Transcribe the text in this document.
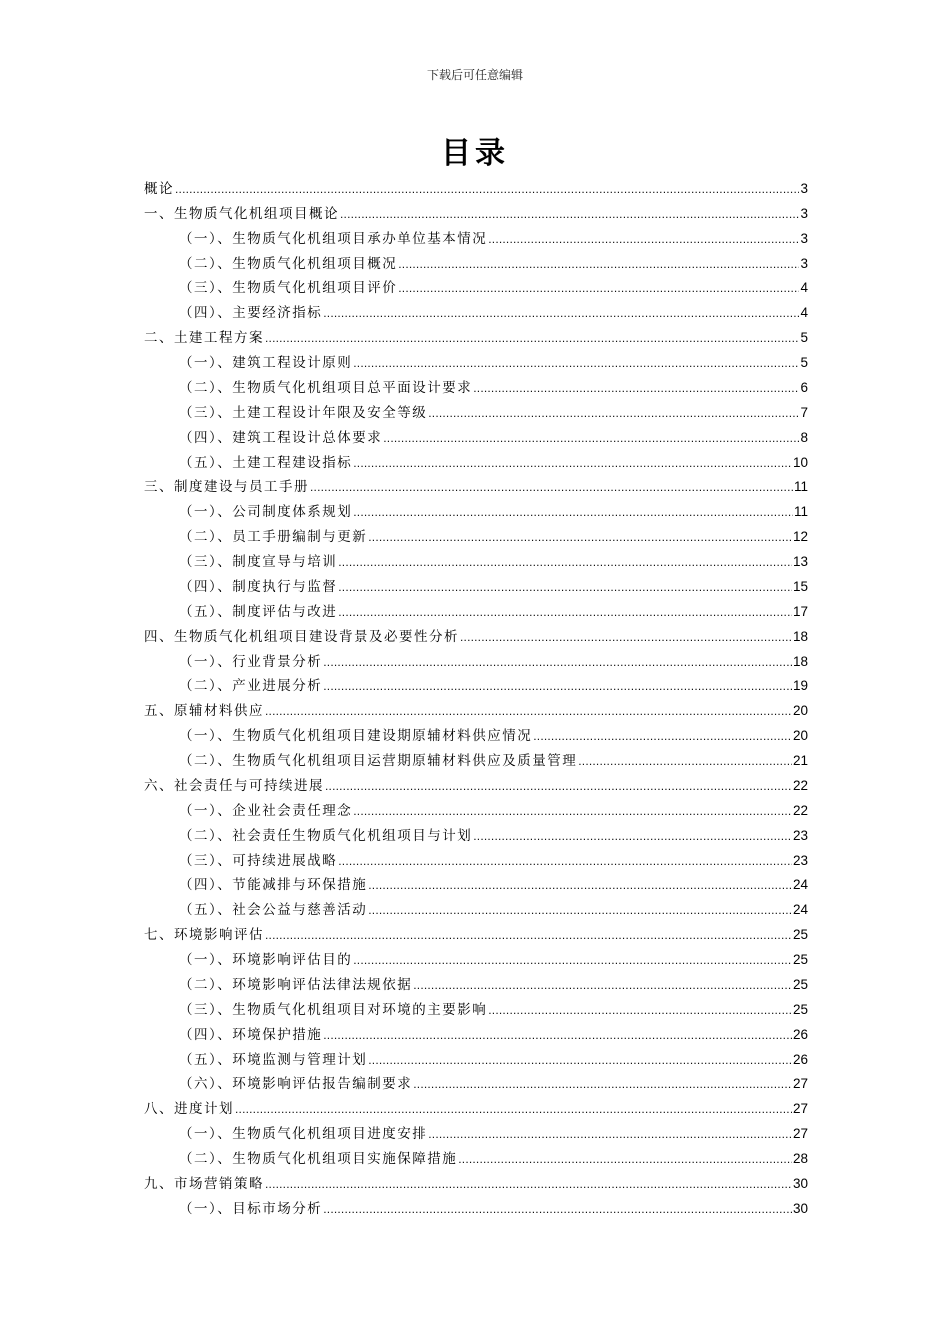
下载后可任意编辑
目录
概论 .....	3
一、生物质气化机组项目概论 .....	3
（一）、生物质气化机组项目承办单位基本情况 .....	3
（二）、生物质气化机组项目概况 .....	3
（三）、生物质气化机组项目评价 .....	4
（四）、主要经济指标 .....	4
二、土建工程方案 .....	5
（一）、建筑工程设计原则 .....	5
（二）、生物质气化机组项目总平面设计要求 .....	6
（三）、土建工程设计年限及安全等级 .....	7
（四）、建筑工程设计总体要求 .....	8
（五）、土建工程建设指标 .....	10
三、制度建设与员工手册 .....	11
（一）、公司制度体系规划 .....	11
（二）、员工手册编制与更新 .....	12
（三）、制度宣导与培训 .....	13
（四）、制度执行与监督 .....	15
（五）、制度评估与改进 .....	17
四、生物质气化机组项目建设背景及必要性分析 .....	18
（一）、行业背景分析 .....	18
（二）、产业进展分析 .....	19
五、原辅材料供应 .....	20
（一）、生物质气化机组项目建设期原辅材料供应情况 .....	20
（二）、生物质气化机组项目运营期原辅材料供应及质量管理 .....	21
六、社会责任与可持续进展 .....	22
（一）、企业社会责任理念 .....	22
（二）、社会责任生物质气化机组项目与计划 .....	23
（三）、可持续进展战略 .....	23
（四）、节能减排与环保措施 .....	24
（五）、社会公益与慈善活动 .....	24
七、环境影响评估 .....	25
（一）、环境影响评估目的 .....	25
（二）、环境影响评估法律法规依据 .....	25
（三）、生物质气化机组项目对环境的主要影响 .....	25
（四）、环境保护措施 .....	26
（五）、环境监测与管理计划 .....	26
（六）、环境影响评估报告编制要求 .....	27
八、进度计划 .....	27
（一）、生物质气化机组项目进度安排 .....	27
（二）、生物质气化机组项目实施保障措施 .....	28
九、市场营销策略 .....	30
（一）、目标市场分析 .....	30
